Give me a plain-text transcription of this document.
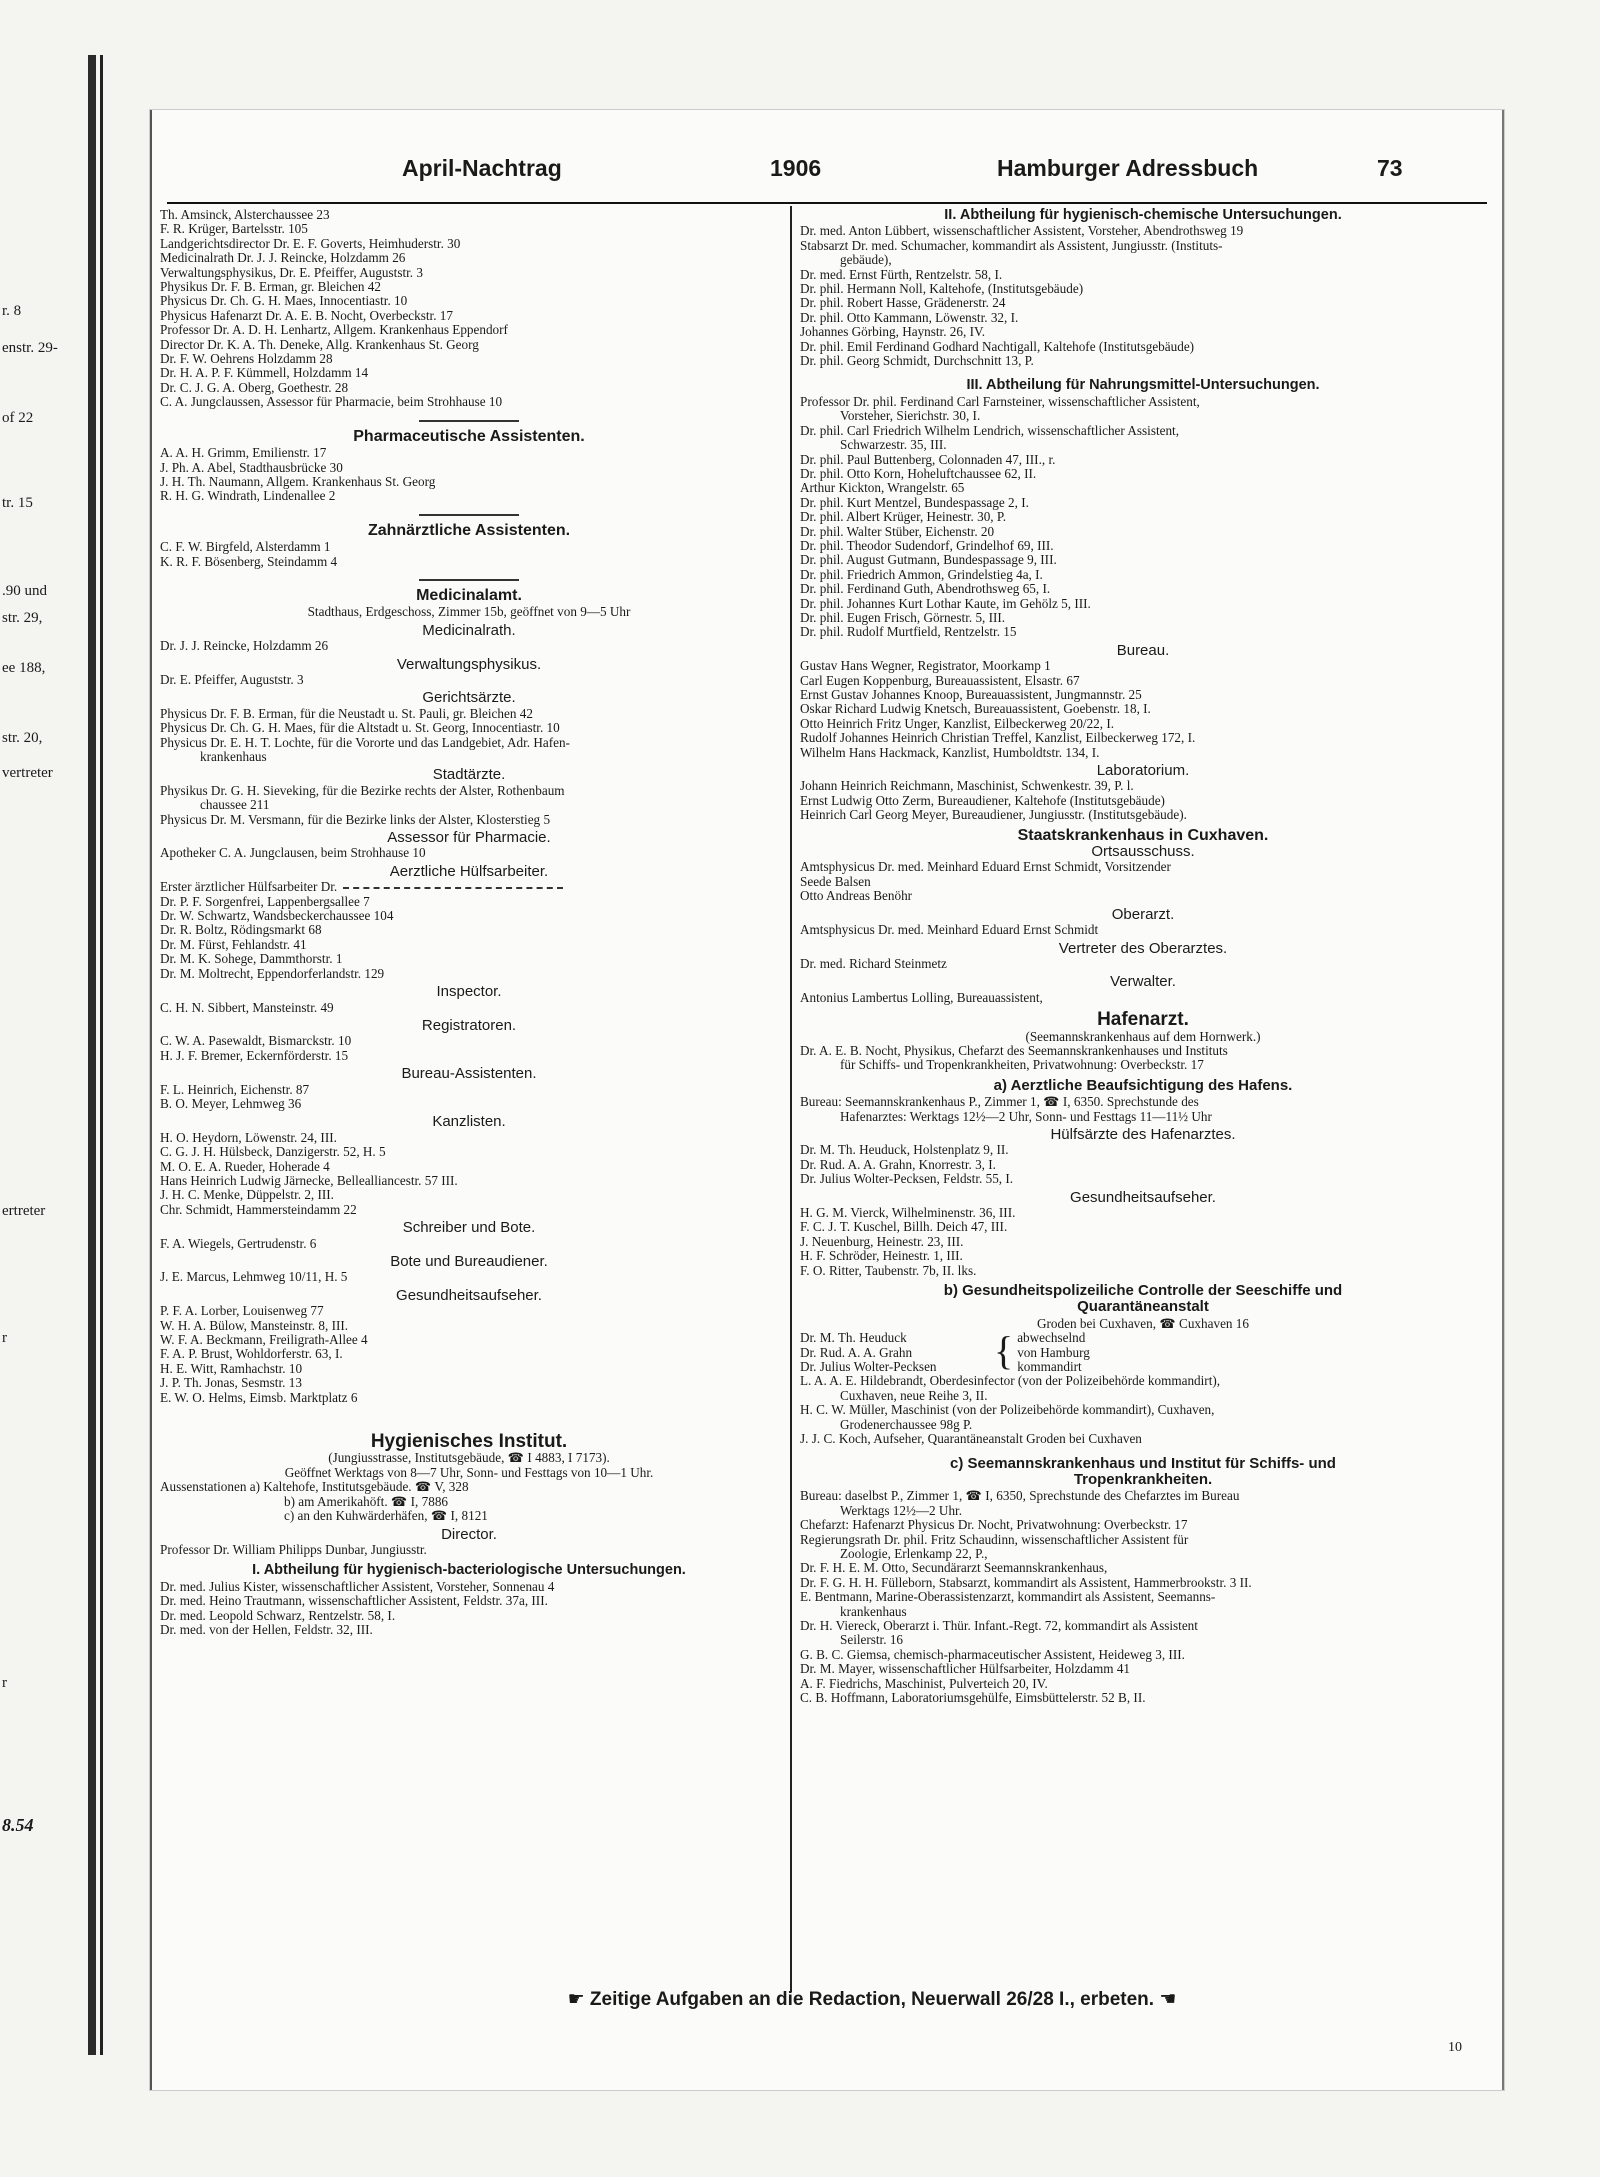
r. 8
enstr. 29-
of 22
tr. 15
.90 und
str. 29,
ee 188,
str. 20,
vertreter
ertreter
r
r
8.54
April-Nachtrag	1906	Hamburger Adressbuch	73
Th. Amsinck, Alsterchaussee 23
F. R. Krüger, Bartelsstr. 105
Landgerichtsdirector Dr. E. F. Goverts, Heimhuderstr. 30
Medicinalrath Dr. J. J. Reincke, Holzdamm 26
Verwaltungsphysikus, Dr. E. Pfeiffer, Auguststr. 3
Physikus Dr. F. B. Erman, gr. Bleichen 42
Physicus Dr. Ch. G. H. Maes, Innocentiastr. 10
Physicus Hafenarzt Dr. A. E. B. Nocht, Overbeckstr. 17
Professor Dr. A. D. H. Lenhartz, Allgem. Krankenhaus Eppendorf
Director Dr. K. A. Th. Deneke, Allg. Krankenhaus St. Georg
Dr. F. W. Oehrens Holzdamm 28
Dr. H. A. P. F. Kümmell, Holzdamm 14
Dr. C. J. G. A. Oberg, Goethestr. 28
C. A. Jungclaussen, Assessor für Pharmacie, beim Strohhause 10
Pharmaceutische Assistenten.
A. A. H. Grimm, Emilienstr. 17
J. Ph. A. Abel, Stadthausbrücke 30
J. H. Th. Naumann, Allgem. Krankenhaus St. Georg
R. H. G. Windrath, Lindenallee 2
Zahnärztliche Assistenten.
C. F. W. Birgfeld, Alsterdamm 1
K. R. F. Bösenberg, Steindamm 4
Medicinalamt.
Stadthaus, Erdgeschoss, Zimmer 15b, geöffnet von 9—5 Uhr
Medicinalrath.
Dr. J. J. Reincke, Holzdamm 26
Verwaltungsphysikus.
Dr. E. Pfeiffer, Auguststr. 3
Gerichtsärzte.
Physicus Dr. F. B. Erman, für die Neustadt u. St. Pauli, gr. Bleichen 42
Physicus Dr. Ch. G. H. Maes, für die Altstadt u. St. Georg, Innocentiastr. 10
Physicus Dr. E. H. T. Lochte, für die Vororte und das Landgebiet, Adr. Hafen-
krankenhaus
Stadtärzte.
Physikus Dr. G. H. Sieveking, für die Bezirke rechts der Alster, Rothenbaum
chaussee 211
Physicus Dr. M. Versmann, für die Bezirke links der Alster, Klosterstieg 5
Assessor für Pharmacie.
Apotheker C. A. Jungclausen, beim Strohhause 10
Aerztliche Hülfsarbeiter.
Erster ärztlicher Hülfsarbeiter Dr.
Dr. P. F. Sorgenfrei, Lappenbergsallee 7
Dr. W. Schwartz, Wandsbeckerchaussee 104
Dr. R. Boltz, Rödingsmarkt 68
Dr. M. Fürst, Fehlandstr. 41
Dr. M. K. Sohege, Dammthorstr. 1
Dr. M. Moltrecht, Eppendorferlandstr. 129
Inspector.
C. H. N. Sibbert, Mansteinstr. 49
Registratoren.
C. W. A. Pasewaldt, Bismarckstr. 10
H. J. F. Bremer, Eckernförderstr. 15
Bureau-Assistenten.
F. L. Heinrich, Eichenstr. 87
B. O. Meyer, Lehmweg 36
Kanzlisten.
H. O. Heydorn, Löwenstr. 24, III.
C. G. J. H. Hülsbeck, Danzigerstr. 52, H. 5
M. O. E. A. Rueder, Hoherade 4
Hans Heinrich Ludwig Järnecke, Bellealliancestr. 57 III.
J. H. C. Menke, Düppelstr. 2, III.
Chr. Schmidt, Hammersteindamm 22
Schreiber und Bote.
F. A. Wiegels, Gertrudenstr. 6
Bote und Bureaudiener.
J. E. Marcus, Lehmweg 10/11, H. 5
Gesundheitsaufseher.
P. F. A. Lorber, Louisenweg 77
W. H. A. Bülow, Mansteinstr. 8, III.
W. F. A. Beckmann, Freiligrath-Allee 4
F. A. P. Brust, Wohldorferstr. 63, I.
H. E. Witt, Ramhachstr. 10
J. P. Th. Jonas, Sesmstr. 13
E. W. O. Helms, Eimsb. Marktplatz 6
Hygienisches Institut.
(Jungiusstrasse, Institutsgebäude, ☎ I 4883, I 7173).
Geöffnet Werktags von 8—7 Uhr, Sonn- und Festtags von 10—1 Uhr.
Aussenstationen a) Kaltehofe, Institutsgebäude. ☎ V, 328
b) am Amerikahöft. ☎ I, 7886
c) an den Kuhwärderhäfen, ☎ I, 8121
Director.
Professor Dr. William Philipps Dunbar, Jungiusstr.
I. Abtheilung für hygienisch-bacteriologische Untersuchungen.
Dr. med. Julius Kister, wissenschaftlicher Assistent, Vorsteher, Sonnenau 4
Dr. med. Heino Trautmann, wissenschaftlicher Assistent, Feldstr. 37a, III.
Dr. med. Leopold Schwarz, Rentzelstr. 58, I.
Dr. med. von der Hellen, Feldstr. 32, III.
II. Abtheilung für hygienisch-chemische Untersuchungen.
Dr. med. Anton Lübbert, wissenschaftlicher Assistent, Vorsteher, Abendrothsweg 19
Stabsarzt Dr. med. Schumacher, kommandirt als Assistent, Jungiusstr. (Instituts-
gebäude),
Dr. med. Ernst Fürth, Rentzelstr. 58, I.
Dr. phil. Hermann Noll, Kaltehofe, (Institutsgebäude)
Dr. phil. Robert Hasse, Grädenerstr. 24
Dr. phil. Otto Kammann, Löwenstr. 32, I.
Johannes Görbing, Haynstr. 26, IV.
Dr. phil. Emil Ferdinand Godhard Nachtigall, Kaltehofe (Institutsgebäude)
Dr. phil. Georg Schmidt, Durchschnitt 13, P.
III. Abtheilung für Nahrungsmittel-Untersuchungen.
Professor Dr. phil. Ferdinand Carl Farnsteiner, wissenschaftlicher Assistent,
Vorsteher, Sierichstr. 30, I.
Dr. phil. Carl Friedrich Wilhelm Lendrich, wissenschaftlicher Assistent,
Schwarzestr. 35, III.
Dr. phil. Paul Buttenberg, Colonnaden 47, III., r.
Dr. phil. Otto Korn, Hoheluftchaussee 62, II.
Arthur Kickton, Wrangelstr. 65
Dr. phil. Kurt Mentzel, Bundespassage 2, I.
Dr. phil. Albert Krüger, Heinestr. 30, P.
Dr. phil. Walter Stüber, Eichenstr. 20
Dr. phil. Theodor Sudendorf, Grindelhof 69, III.
Dr. phil. August Gutmann, Bundespassage 9, III.
Dr. phil. Friedrich Ammon, Grindelstieg 4a, I.
Dr. phil. Ferdinand Guth, Abendrothsweg 65, I.
Dr. phil. Johannes Kurt Lothar Kaute, im Gehölz 5, III.
Dr. phil. Eugen Frisch, Görnestr. 5, III.
Dr. phil. Rudolf Murtfield, Rentzelstr. 15
Bureau.
Gustav Hans Wegner, Registrator, Moorkamp 1
Carl Eugen Koppenburg, Bureauassistent, Elsastr. 67
Ernst Gustav Johannes Knoop, Bureauassistent, Jungmannstr. 25
Oskar Richard Ludwig Knetsch, Bureauassistent, Goebenstr. 18, I.
Otto Heinrich Fritz Unger, Kanzlist, Eilbeckerweg 20/22, I.
Rudolf Johannes Heinrich Christian Treffel, Kanzlist, Eilbeckerweg 172, I.
Wilhelm Hans Hackmack, Kanzlist, Humboldtstr. 134, I.
Laboratorium.
Johann Heinrich Reichmann, Maschinist, Schwenkestr. 39, P. l.
Ernst Ludwig Otto Zerm, Bureaudiener, Kaltehofe (Institutsgebäude)
Heinrich Carl Georg Meyer, Bureaudiener, Jungiusstr. (Institutsgebäude).
Staatskrankenhaus in Cuxhaven.
Ortsausschuss.
Amtsphysicus Dr. med. Meinhard Eduard Ernst Schmidt, Vorsitzender
Seede Balsen
Otto Andreas Benöhr
Oberarzt.
Amtsphysicus Dr. med. Meinhard Eduard Ernst Schmidt
Vertreter des Oberarztes.
Dr. med. Richard Steinmetz
Verwalter.
Antonius Lambertus Lolling, Bureauassistent,
Hafenarzt.
(Seemannskrankenhaus auf dem Hornwerk.)
Dr. A. E. B. Nocht, Physikus, Chefarzt des Seemannskrankenhauses und Instituts
für Schiffs- und Tropenkrankheiten, Privatwohnung: Overbeckstr. 17
a) Aerztliche Beaufsichtigung des Hafens.
Bureau: Seemannskrankenhaus P., Zimmer 1, ☎ I, 6350. Sprechstunde des
Hafenarztes: Werktags 12½—2 Uhr, Sonn- und Festtags 11—11½ Uhr
Hülfsärzte des Hafenarztes.
Dr. M. Th. Heuduck, Holstenplatz 9, II.
Dr. Rud. A. A. Grahn, Knorrestr. 3, I.
Dr. Julius Wolter-Pecksen, Feldstr. 55, I.
Gesundheitsaufseher.
H. G. M. Vierck, Wilhelminenstr. 36, III.
F. C. J. T. Kuschel, Billh. Deich 47, III.
J. Neuenburg, Heinestr. 23, III.
H. F. Schröder, Heinestr. 1, III.
F. O. Ritter, Taubenstr. 7b, II. lks.
b) Gesundheitspolizeiliche Controlle der Seeschiffe und
Quarantäneanstalt
Groden bei Cuxhaven, ☎ Cuxhaven 16
Dr. M. Th. Heuduck
Dr. Rud. A. A. Grahn
Dr. Julius Wolter-Pecksen	{ abwechselnd
von Hamburg
kommandirt
L. A. A. E. Hildebrandt, Oberdesinfector (von der Polizeibehörde kommandirt),
Cuxhaven, neue Reihe 3, II.
H. C. W. Müller, Maschinist (von der Polizeibehörde kommandirt), Cuxhaven,
Grodenerchaussee 98g P.
J. J. C. Koch, Aufseher, Quarantäneanstalt Groden bei Cuxhaven
c) Seemannskrankenhaus und Institut für Schiffs- und
Tropenkrankheiten.
Bureau: daselbst P., Zimmer 1, ☎ I, 6350, Sprechstunde des Chefarztes im Bureau
Werktags 12½—2 Uhr.
Chefarzt: Hafenarzt Physicus Dr. Nocht, Privatwohnung: Overbeckstr. 17
Regierungsrath Dr. phil. Fritz Schaudinn, wissenschaftlicher Assistent für
Zoologie, Erlenkamp 22, P.,
Dr. F. H. E. M. Otto, Secundärarzt Seemannskrankenhaus,
Dr. F. G. H. H. Fülleborn, Stabsarzt, kommandirt als Assistent, Hammerbrookstr. 3 II.
E. Bentmann, Marine-Oberassistenzarzt, kommandirt als Assistent, Seemanns-
krankenhaus
Dr. H. Viereck, Oberarzt i. Thür. Infant.-Regt. 72, kommandirt als Assistent
Seilerstr. 16
G. B. C. Giemsa, chemisch-pharmaceutischer Assistent, Heideweg 3, III.
Dr. M. Mayer, wissenschaftlicher Hülfsarbeiter, Holzdamm 41
A. F. Fiedrichs, Maschinist, Pulverteich 20, IV.
C. B. Hoffmann, Laboratoriumsgehülfe, Eimsbüttelerstr. 52 B, II.
☛ Zeitige Aufgaben an die Redaction, Neuerwall 26/28 I., erbeten. ☚
10
